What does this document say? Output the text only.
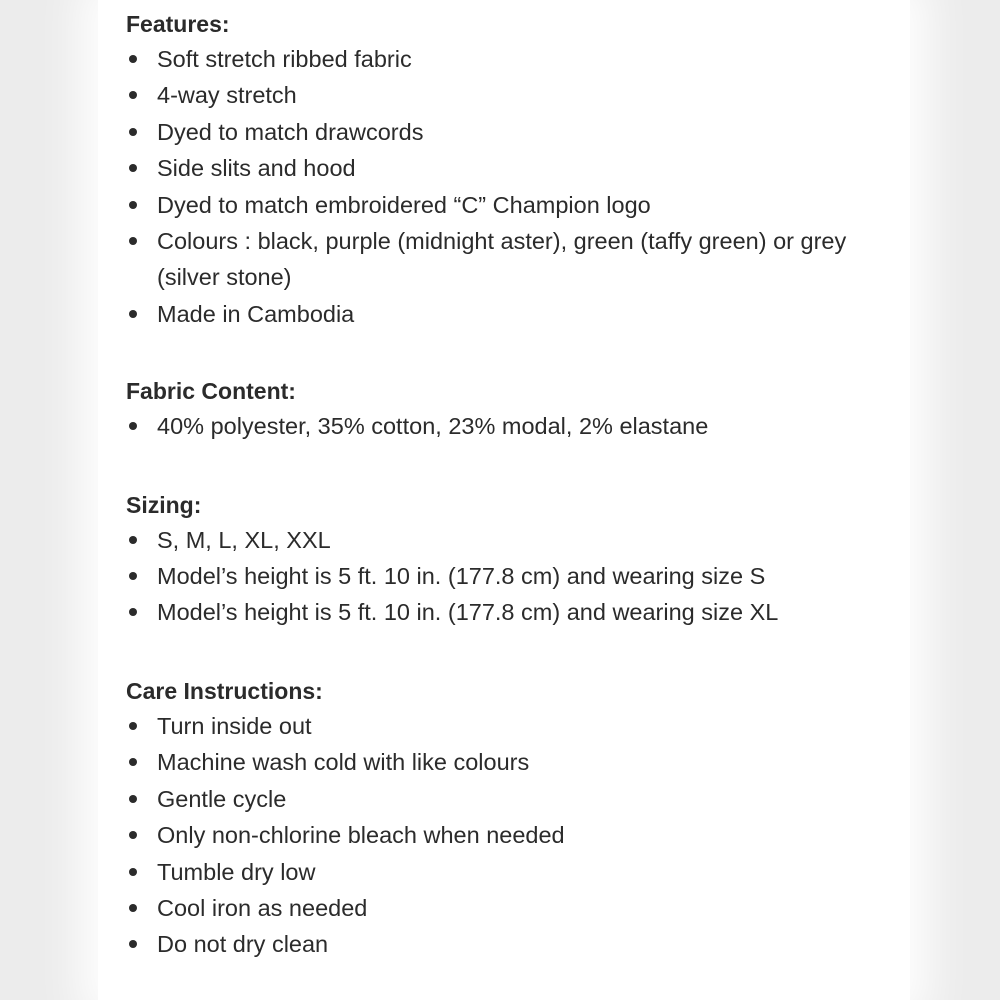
Features:

Soft stretch ribbed fabric
4-way stretch
Dyed to match drawcords
Side slits and hood
Dyed to match embroidered “C” Champion logo
Colours : black, purple (midnight aster), green (taffy green) or grey (silver stone)
Made in Cambodia

Fabric Content:

40% polyester, 35% cotton, 23% modal, 2% elastane

Sizing:

S, M, L, XL, XXL
Model’s height is 5 ft. 10 in. (177.8 cm) and wearing size S
Model’s height is 5 ft. 10 in. (177.8 cm) and wearing size XL

Care Instructions:

Turn inside out
Machine wash cold with like colours
Gentle cycle
Only non-chlorine bleach when needed
Tumble dry low
Cool iron as needed
Do not dry clean
